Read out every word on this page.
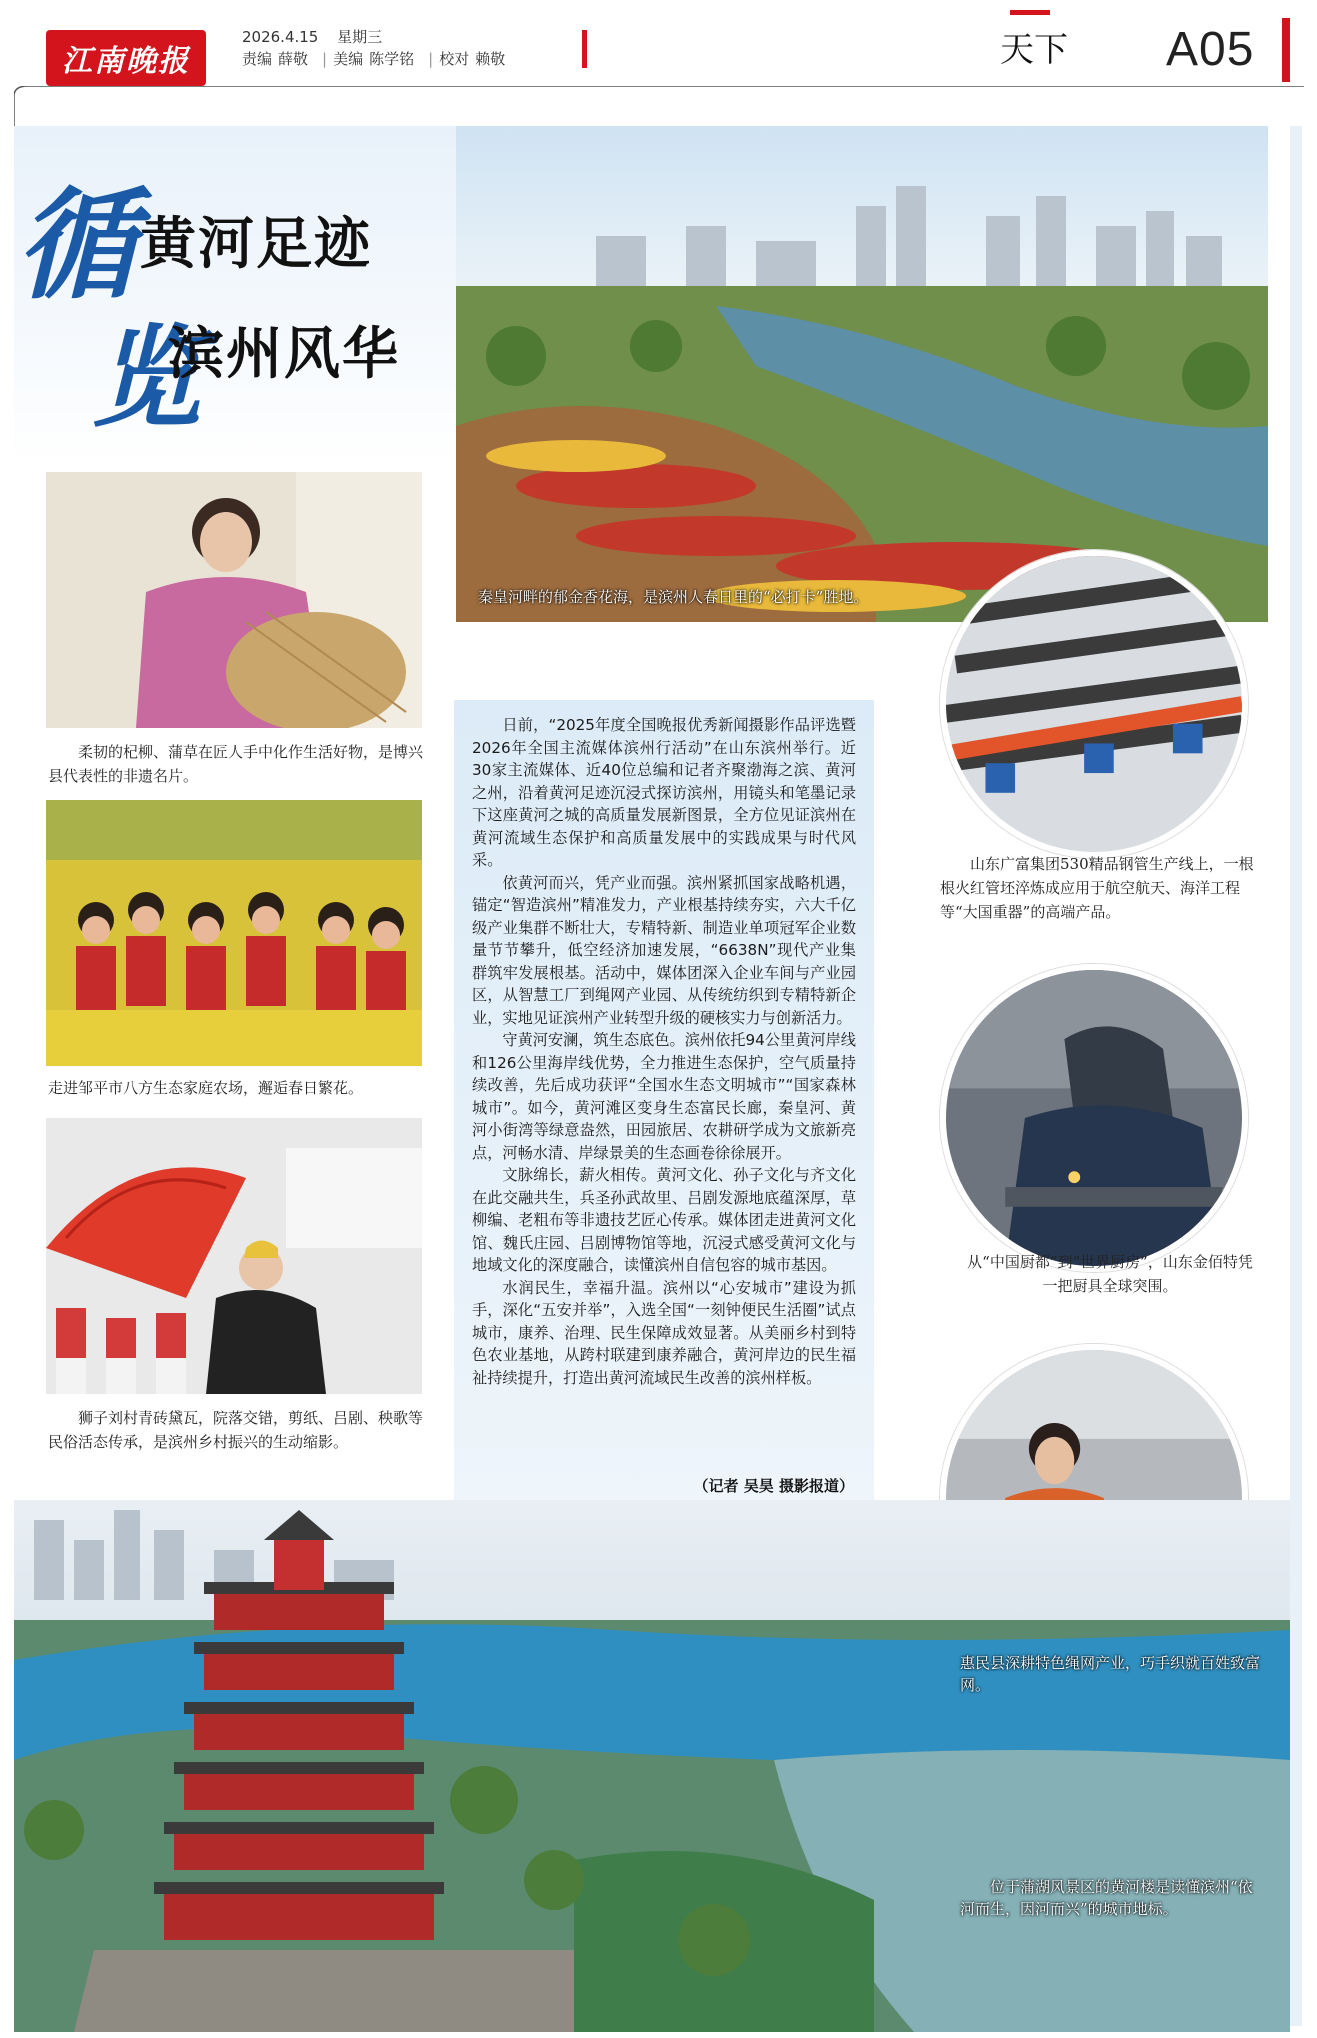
江南晚报
2026.4.15 星期三
责编 薛敬 | 美编 陈学铭 | 校对 赖敬	天下 A05
循 黄河足迹
览
滨州风华
秦皇河畔的郁金香花海，是滨州人春日里的“必打卡”胜地。
柔韧的杞柳、蒲草在匠人手中化作生活好物，是博兴县代表性的非遗名片。
走进邹平市八方生态家庭农场，邂逅春日繁花。
狮子刘村青砖黛瓦，院落交错，剪纸、吕剧、秧歌等民俗活态传承，是滨州乡村振兴的生动缩影。

日前，“2025年度全国晚报优秀新闻摄影作品评选暨2026年全国主流媒体滨州行活动”在山东滨州举行。近30家主流媒体、近40位总编和记者齐聚渤海之滨、黄河之州，沿着黄河足迹沉浸式探访滨州，用镜头和笔墨记录下这座黄河之城的高质量发展新图景，全方位见证滨州在黄河流域生态保护和高质量发展中的实践成果与时代风采。

依黄河而兴，凭产业而强。滨州紧抓国家战略机遇，锚定“智造滨州”精准发力，产业根基持续夯实，六大千亿级产业集群不断壮大，专精特新、制造业单项冠军企业数量节节攀升，低空经济加速发展，“6638N”现代产业集群筑牢发展根基。活动中，媒体团深入企业车间与产业园区，从智慧工厂到绳网产业园、从传统纺织到专精特新企业，实地见证滨州产业转型升级的硬核实力与创新活力。

守黄河安澜，筑生态底色。滨州依托94公里黄河岸线和126公里海岸线优势，全力推进生态保护，空气质量持续改善，先后成功获评“全国水生态文明城市”“国家森林城市”。如今，黄河滩区变身生态富民长廊，秦皇河、黄河小街湾等绿意盎然，田园旅居、农耕研学成为文旅新亮点，河畅水清、岸绿景美的生态画卷徐徐展开。

文脉绵长，薪火相传。黄河文化、孙子文化与齐文化在此交融共生，兵圣孙武故里、吕剧发源地底蕴深厚，草柳编、老粗布等非遗技艺匠心传承。媒体团走进黄河文化馆、魏氏庄园、吕剧博物馆等地，沉浸式感受黄河文化与地域文化的深度融合，读懂滨州自信包容的城市基因。

水润民生，幸福升温。滨州以“心安城市”建设为抓手，深化“五安并举”，入选全国“一刻钟便民生活圈”试点城市，康养、治理、民生保障成效显著。从美丽乡村到特色农业基地，从跨村联建到康养融合，黄河岸边的民生福祉持续提升，打造出黄河流域民生改善的滨州样板。

（记者 吴昊 摄影报道）
山东广富集团530精品钢管生产线上，一根根火红管坯淬炼成应用于航空航天、海洋工程等“大国重器”的高端产品。
从“中国厨都”到“世界厨房”，山东金佰特凭一把厨具全球突围。
惠民县深耕特色绳网产业，巧手织就百姓致富网。
位于蒲湖风景区的黄河楼是读懂滨州“依河而生，因河而兴”的城市地标。
